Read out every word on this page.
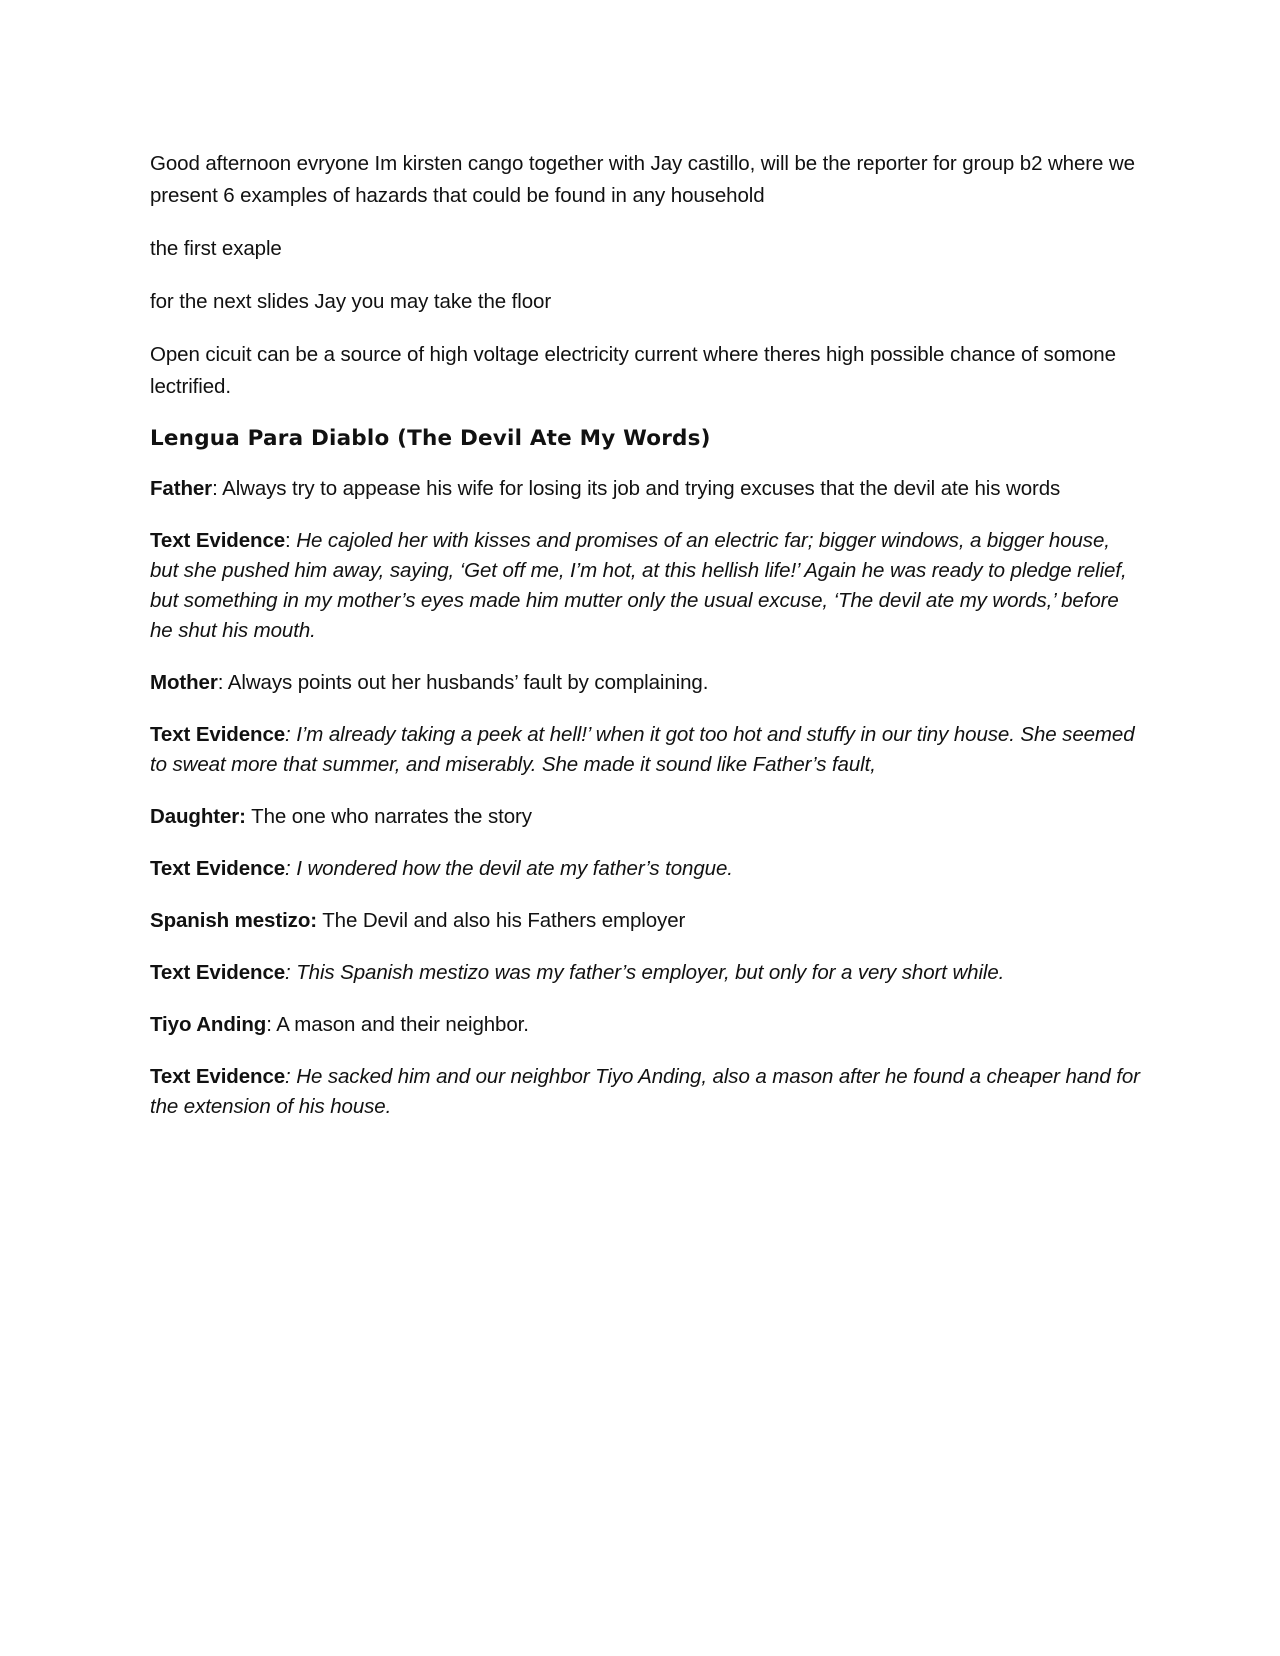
Good afternoon evryone Im kirsten cango together with Jay castillo, will be the reporter for group b2 where we present 6 examples of hazards that could be found in any household

the first exaple

for the next slides Jay you may take the floor

Open cicuit can be a source of high voltage electricity current where theres high possible chance of somone lectrified.

Lengua Para Diablo (The Devil Ate My Words)

Father: Always try to appease his wife for losing its job and trying excuses that the devil ate his words

Text Evidence: He cajoled her with kisses and promises of an electric far; bigger windows, a bigger house, but she pushed him away, saying, ‘Get off me, I’m hot, at this hellish life!’ Again he was ready to pledge relief, but something in my mother’s eyes made him mutter only the usual excuse, ‘The devil ate my words,’ before he shut his mouth.

Mother: Always points out her husbands’ fault by complaining.

Text Evidence: I’m already taking a peek at hell!’ when it got too hot and stuffy in our tiny house. She seemed to sweat more that summer, and miserably. She made it sound like Father’s fault,

Daughter: The one who narrates the story

Text Evidence: I wondered how the devil ate my father’s tongue.

Spanish mestizo: The Devil and also his Fathers employer

Text Evidence: This Spanish mestizo was my father’s employer, but only for a very short while.

Tiyo Anding: A mason and their neighbor.

Text Evidence: He sacked him and our neighbor Tiyo Anding, also a mason after he found a cheaper hand for the extension of his house.
